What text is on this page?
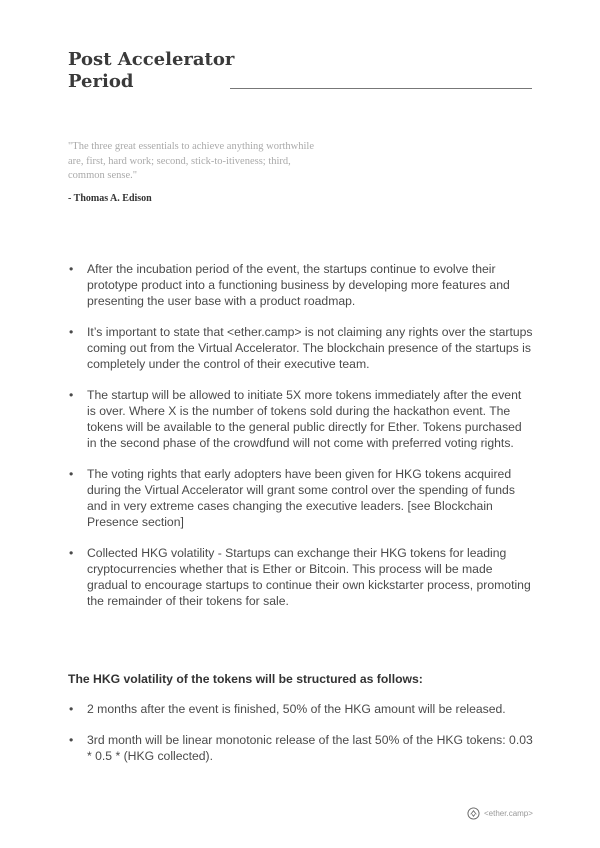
Post Accelerator
Period
"The three great essentials to achieve anything worthwhile are, first, hard work; second, stick-to-itiveness; third, common sense."
- Thomas A. Edison
• After the incubation period of the event, the startups continue to evolve their prototype product into a functioning business by developing more features and presenting the user base with a product roadmap.
• It’s important to state that <ether.camp> is not claiming any rights over the startups coming out from the Virtual Accelerator. The blockchain presence of the startups is completely under the control of their executive team.
• The startup will be allowed to initiate 5X more tokens immediately after the event is over. Where X is the number of tokens sold during the hackathon event. The tokens will be available to the general public directly for Ether. Tokens purchased in the second phase of the crowdfund will not come with preferred voting rights.
• The voting rights that early adopters have been given for HKG tokens acquired during the Virtual Accelerator will grant some control over the spending of funds and in very extreme cases changing the executive leaders. [see Blockchain Presence section]
• Collected HKG volatility - Startups can exchange their HKG tokens for leading cryptocurrencies whether that is Ether or Bitcoin. This process will be made gradual to encourage startups to continue their own kickstarter process, promoting the remainder of their tokens for sale.
The HKG volatility of the tokens will be structured as follows:
• 2 months after the event is finished, 50% of the HKG amount will be released.
• 3rd month will be linear monotonic release of the last 50% of the HKG tokens: 0.03 * 0.5 * (HKG collected).
<ether.camp>
